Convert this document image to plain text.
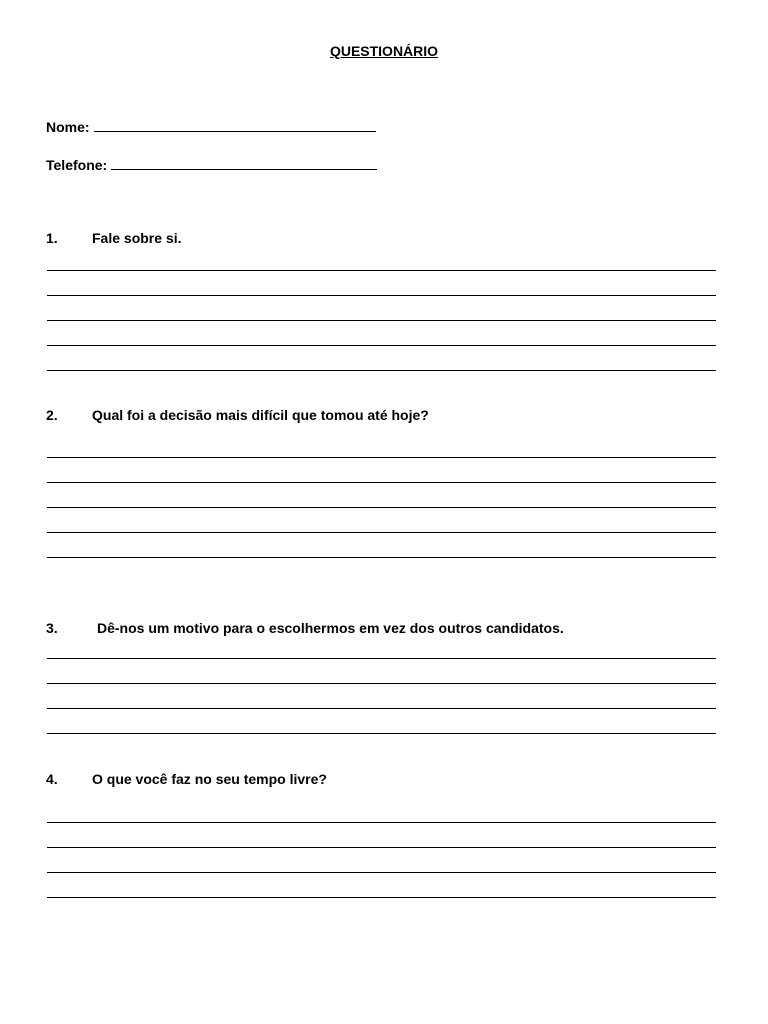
QUESTIONÁRIO
Nome:
Telefone:
1. Fale sobre si.
2. Qual foi a decisão mais difícil que tomou até hoje?
3.	Dê-nos um motivo para o escolhermos em vez dos outros candidatos.
4. O que você faz no seu tempo livre?
